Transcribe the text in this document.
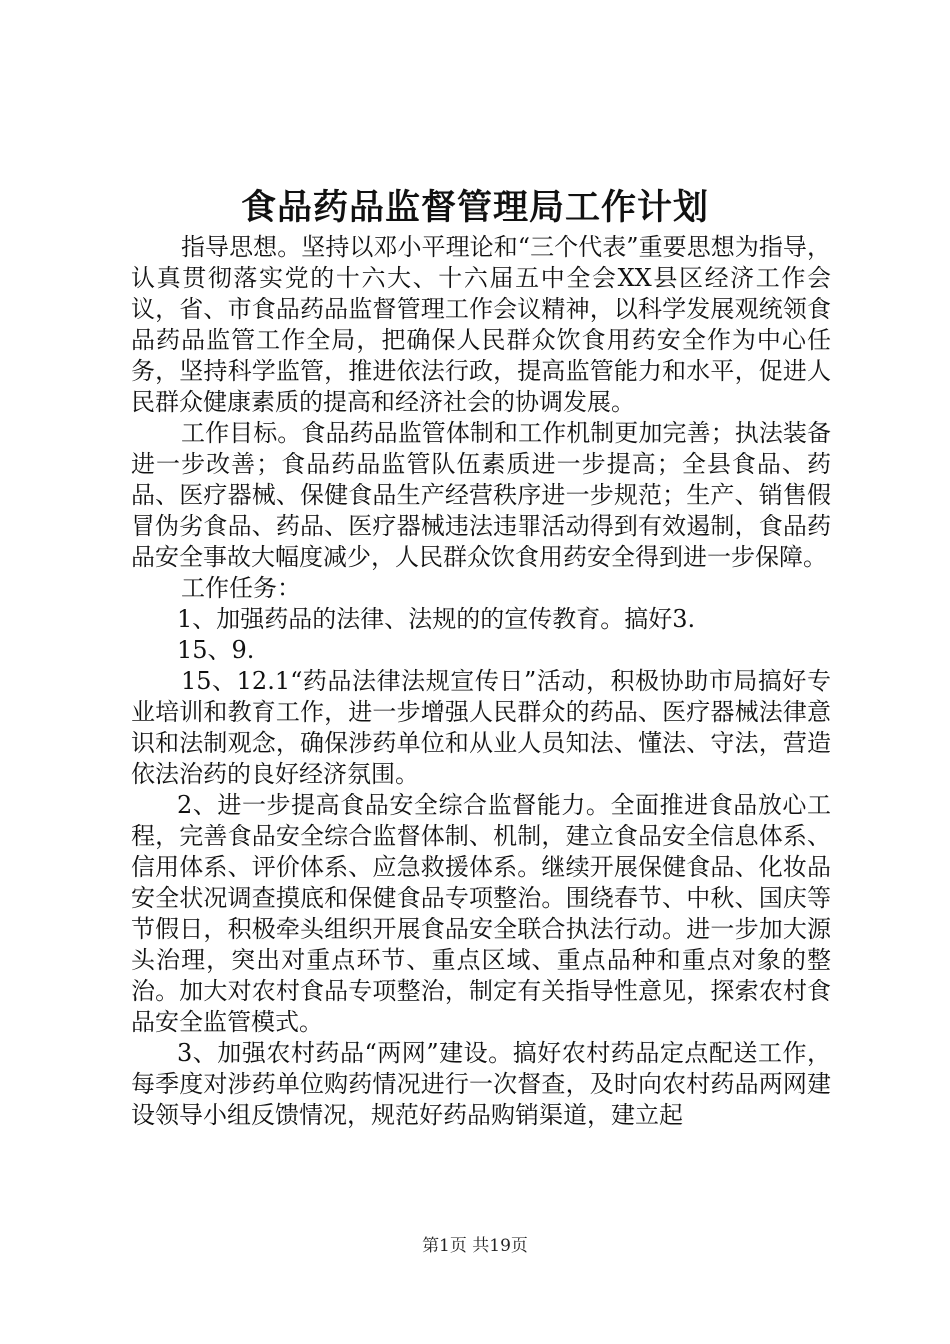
食品药品监督管理局工作计划

指导思想。坚持以邓小平理论和“三个代表”重要思想为指导，认真贯彻落实党的十六大、十六届五中全会XX县区经济工作会议，省、市食品药品监督管理工作会议精神，以科学发展观统领食品药品监管工作全局，把确保人民群众饮食用药安全作为中心任务，坚持科学监管，推进依法行政，提高监管能力和水平，促进人民群众健康素质的提高和经济社会的协调发展。

工作目标。食品药品监管体制和工作机制更加完善；执法装备进一步改善；食品药品监管队伍素质进一步提高；全县食品、药品、医疗器械、保健食品生产经营秩序进一步规范；生产、销售假冒伪劣食品、药品、医疗器械违法违罪活动得到有效遏制，食品药品安全事故大幅度减少，人民群众饮食用药安全得到进一步保障。

工作任务：

1、加强药品的法律、法规的的宣传教育。搞好3.

15、9.

15、12.1“药品法律法规宣传日”活动，积极协助市局搞好专业培训和教育工作，进一步增强人民群众的药品、医疗器械法律意识和法制观念，确保涉药单位和从业人员知法、懂法、守法，营造依法治药的良好经济氛围。

2、进一步提高食品安全综合监督能力。全面推进食品放心工程，完善食品安全综合监督体制、机制，建立食品安全信息体系、信用体系、评价体系、应急救援体系。继续开展保健食品、化妆品安全状况调查摸底和保健食品专项整治。围绕春节、中秋、国庆等节假日，积极牵头组织开展食品安全联合执法行动。进一步加大源头治理，突出对重点环节、重点区域、重点品种和重点对象的整治。加大对农村食品专项整治，制定有关指导性意见，探索农村食品安全监管模式。

3、加强农村药品“两网”建设。搞好农村药品定点配送工作，每季度对涉药单位购药情况进行一次督查，及时向农村药品两网建设领导小组反馈情况，规范好药品购销渠道，建立起

第1页 共19页
